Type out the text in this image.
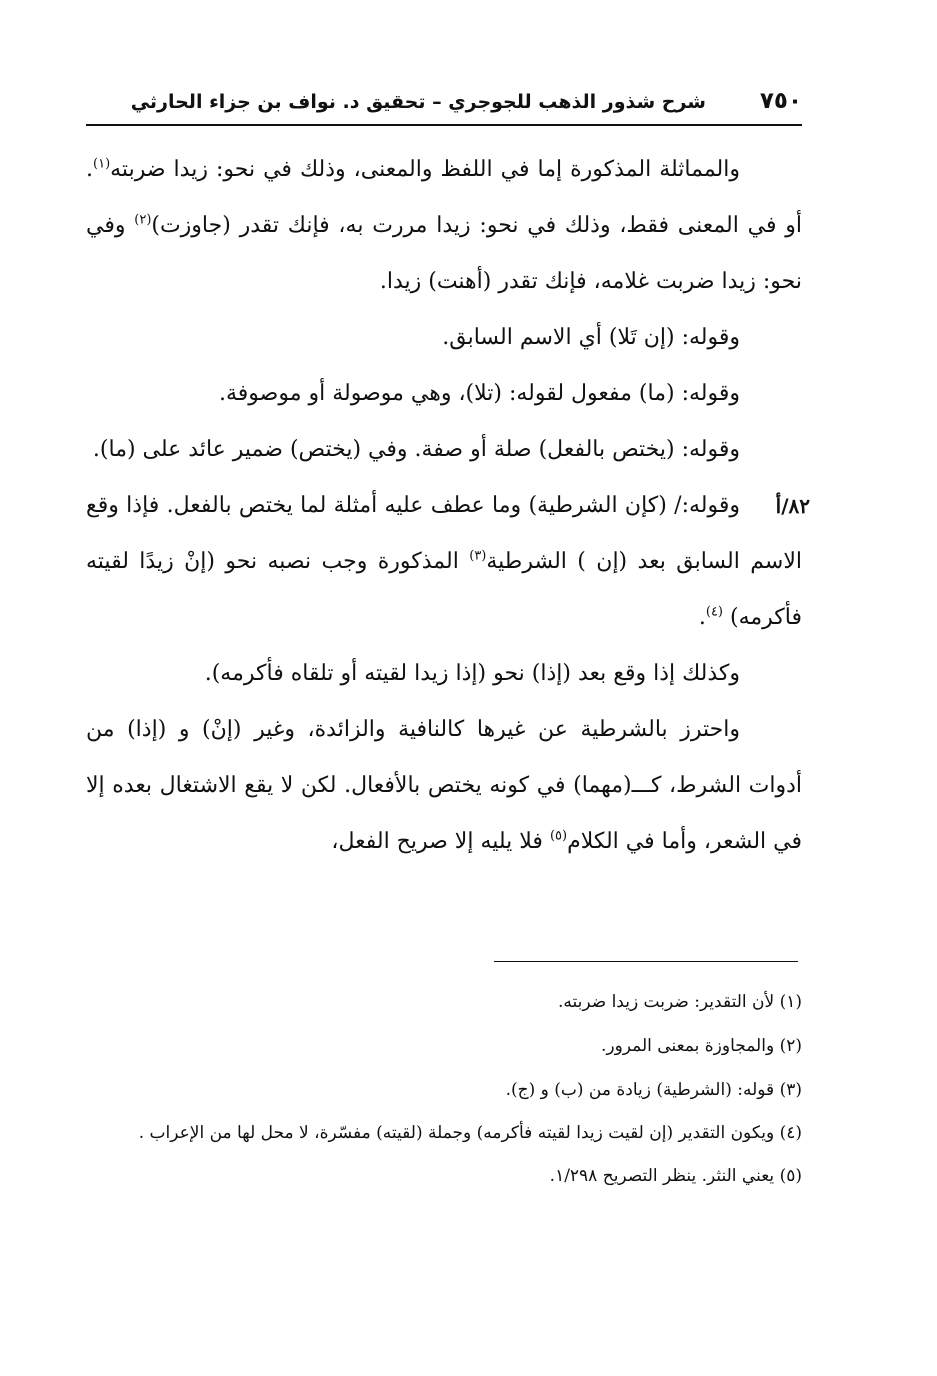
٧٥٠
شرح شذور الذهب للجوجري – تحقيق د. نواف بن جزاء الحارثي

والمماثلة المذكورة إما في اللفظ والمعنى، وذلك في نحو: زيدا ضربته$^{(١)}$. أو في المعنى فقط، وذلك في نحو: زيدا مررت به، فإنك تقدر (جاوزت)$^{(٢)}$ وفي نحو: زيدا ضربت غلامه، فإنك تقدر (أهنت) زيدا.

وقوله: (إن تَلا) أي الاسم السابق.

وقوله: (ما) مفعول لقوله: (تلا)، وهي موصولة أو موصوفة.

وقوله: (يختص بالفعل) صلة أو صفة. وفي (يختص) ضمير عائد على (ما).

٨٢/أ
وقوله:/ (كإن الشرطية) وما عطف عليه أمثلة لما يختص بالفعل. فإذا وقع الاسم السابق بعد (إن ) الشرطية$^{(٣)}$ المذكورة وجب نصبه نحو (إنْ زيدًا لقيته فأكرمه) $^{(٤)}$.

وكذلك إذا وقع بعد (إذا) نحو (إذا زيدا لقيته أو تلقاه فأكرمه).

واحترز بالشرطية عن غيرها كالنافية والزائدة، وغير (إنْ) و (إذا) من أدوات الشرط، كـــ(مهما) في كونه يختص بالأفعال. لكن لا يقع الاشتغال بعده إلا في الشعر، وأما في الكلام$^{(٥)}$ فلا يليه إلا صريح الفعل،

(١) لأن التقدير: ضربت زيدا ضربته.

(٢) والمجاوزة بمعنى المرور.

(٣) قوله: (الشرطية) زيادة من (ب) و (ج).

(٤) ويكون التقدير (إن لقيت زيدا لقيته فأكرمه) وجملة (لقيته) مفسّرة، لا محل لها من الإعراب .

(٥) يعني النثر. ينظر التصريح ١/٢٩٨.
